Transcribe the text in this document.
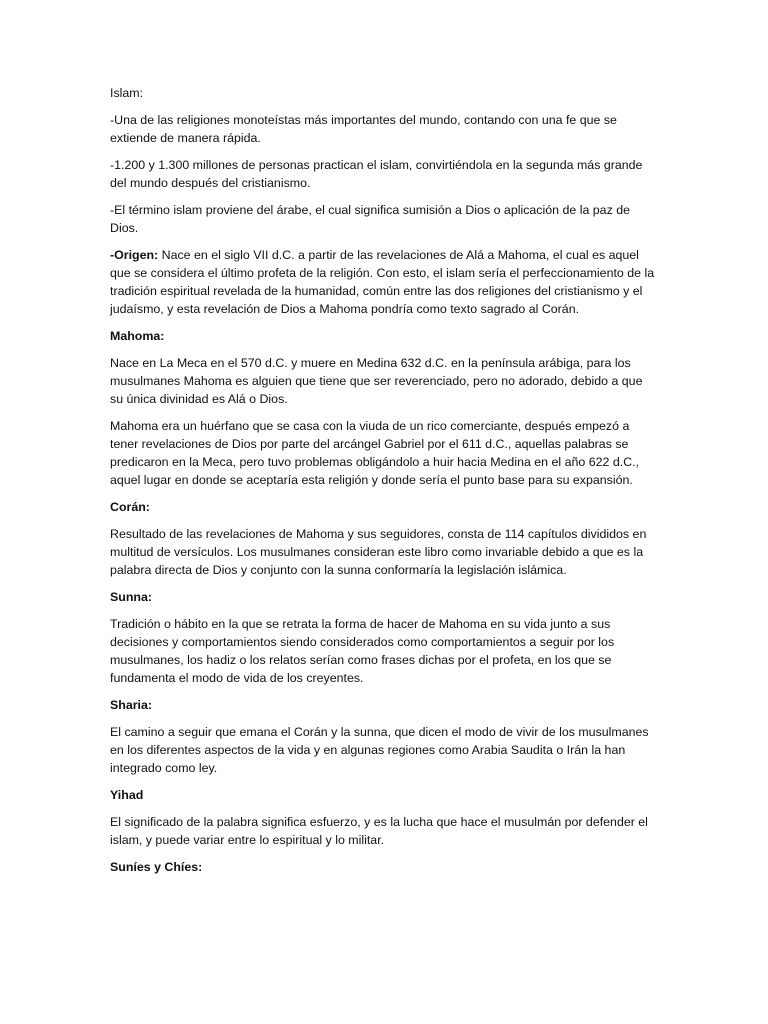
Islam:

-Una de las religiones monoteístas más importantes del mundo, contando con una fe que se extiende de manera rápida.

-1.200 y 1.300 millones de personas practican el islam, convirtiéndola en la segunda más grande del mundo después del cristianismo.

-El término islam proviene del árabe, el cual significa sumisión a Dios o aplicación de la paz de Dios.

-Origen: Nace en el siglo VII d.C. a partir de las revelaciones de Alá a Mahoma, el cual es aquel que se considera el último profeta de la religión. Con esto, el islam sería el perfeccionamiento de la tradición espiritual revelada de la humanidad, común entre las dos religiones del cristianismo y el judaísmo, y esta revelación de Dios a Mahoma pondría como texto sagrado al Corán.

Mahoma:

Nace en La Meca en el 570 d.C. y muere en Medina 632 d.C. en la península arábiga, para los musulmanes Mahoma es alguien que tiene que ser reverenciado, pero no adorado, debido a que su única divinidad es Alá o Dios.

Mahoma era un huérfano que se casa con la viuda de un rico comerciante, después empezó a tener revelaciones de Dios por parte del arcángel Gabriel por el 611 d.C., aquellas palabras se predicaron en la Meca, pero tuvo problemas obligándolo a huir hacia Medina en el año 622 d.C., aquel lugar en donde se aceptaría esta religión y donde sería el punto base para su expansión.

Corán:

Resultado de las revelaciones de Mahoma y sus seguidores, consta de 114 capítulos divididos en multitud de versículos. Los musulmanes consideran este libro como invariable debido a que es la palabra directa de Dios y conjunto con la sunna conformaría la legislación islámica.

Sunna:

Tradición o hábito en la que se retrata la forma de hacer de Mahoma en su vida junto a sus decisiones y comportamientos siendo considerados como comportamientos a seguir por los musulmanes, los hadiz o los relatos serían como frases dichas por el profeta, en los que se fundamenta el modo de vida de los creyentes.

Sharia:

El camino a seguir que emana el Corán y la sunna, que dicen el modo de vivir de los musulmanes en los diferentes aspectos de la vida y en algunas regiones como Arabia Saudita o Irán la han integrado como ley.

Yihad

El significado de la palabra significa esfuerzo, y es la lucha que hace el musulmán por defender el islam, y puede variar entre lo espiritual y lo militar.

Suníes y Chíes:
